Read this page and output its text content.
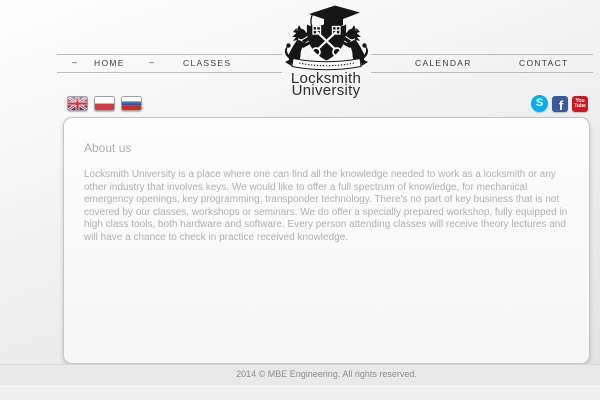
– HOME	–	CLASSES	CALENDAR	CONTACT
Locksmith
University
S f You
Tube
About us
Locksmith University is a place where one can find all the knowledge needed to work as a locksmith or any other industry that involves keys. We would like to offer a full spectrum of knowledge, for mechanical emergency openings, key programming, transponder technology. There's no part of key business that is not covered by our classes, workshops or seminars. We do offer a specially prepared workshop, fully equipped in high class tools, both hardware and software. Every person attending classes will receive theory lectures and will have a chance to check in practice received knowledge.
2014 © MBE Engineering. All rights reserved.
